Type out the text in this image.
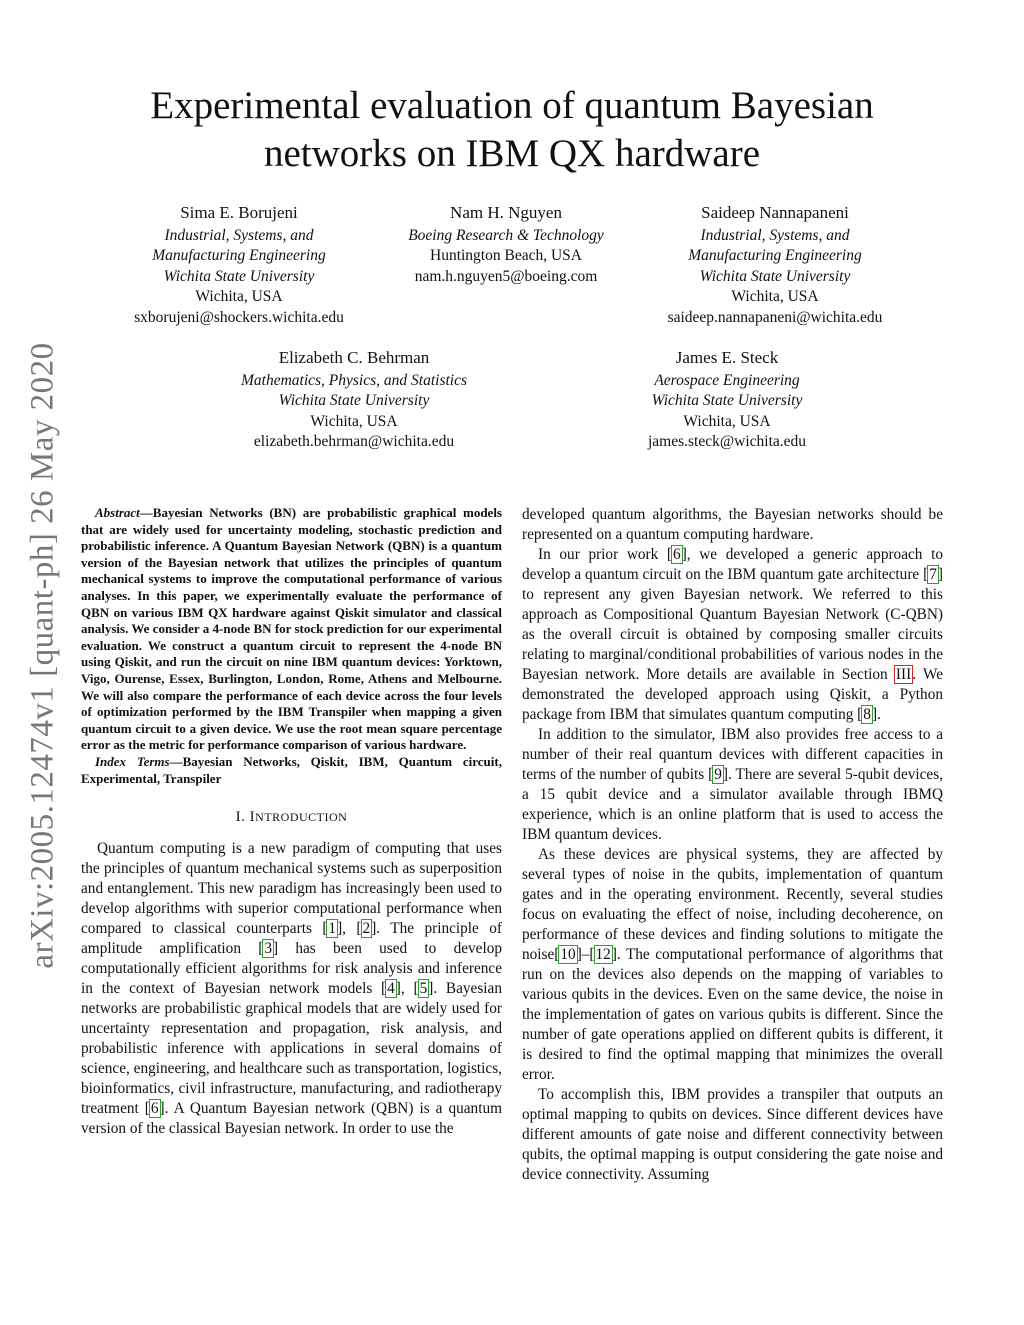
arXiv:2005.12474v1 [quant-ph] 26 May 2020
Experimental evaluation of quantum Bayesian
networks on IBM QX hardware
Sima E. Borujeni
Industrial, Systems, and
Manufacturing Engineering
Wichita State University
Wichita, USA
sxborujeni@shockers.wichita.edu
Nam H. Nguyen
Boeing Research & Technology
Huntington Beach, USA
nam.h.nguyen5@boeing.com
Saideep Nannapaneni
Industrial, Systems, and
Manufacturing Engineering
Wichita State University
Wichita, USA
saideep.nannapaneni@wichita.edu
Elizabeth C. Behrman
Mathematics, Physics, and Statistics
Wichita State University
Wichita, USA
elizabeth.behrman@wichita.edu
James E. Steck
Aerospace Engineering
Wichita State University
Wichita, USA
james.steck@wichita.edu

Abstract—Bayesian Networks (BN) are probabilistic graphical models that are widely used for uncertainty modeling, stochastic prediction and probabilistic inference. A Quantum Bayesian Network (QBN) is a quantum version of the Bayesian network that utilizes the principles of quantum mechanical systems to improve the computational performance of various analyses. In this paper, we experimentally evaluate the performance of QBN on various IBM QX hardware against Qiskit simulator and classical analysis. We consider a 4-node BN for stock prediction for our experimental evaluation. We construct a quantum circuit to represent the 4-node BN using Qiskit, and run the circuit on nine IBM quantum devices: Yorktown, Vigo, Ourense, Essex, Burlington, London, Rome, Athens and Melbourne. We will also compare the performance of each device across the four levels of optimization performed by the IBM Transpiler when mapping a given quantum circuit to a given device. We use the root mean square percentage error as the metric for performance comparison of various hardware.

Index Terms—Bayesian Networks, Qiskit, IBM, Quantum circuit, Experimental, Transpiler

I. INTRODUCTION

Quantum computing is a new paradigm of computing that uses the principles of quantum mechanical systems such as superposition and entanglement. This new paradigm has increasingly been used to develop algorithms with superior computational performance when compared to classical counterparts [1], [2]. The principle of amplitude amplification [3] has been used to develop computationally efficient algorithms for risk analysis and inference in the context of Bayesian network models [4], [5]. Bayesian networks are probabilistic graphical models that are widely used for uncertainty representation and propagation, risk analysis, and probabilistic inference with applications in several domains of science, engineering, and healthcare such as transportation, logistics, bioinformatics, civil infrastructure, manufacturing, and radiotherapy treatment [6]. A Quantum Bayesian network (QBN) is a quantum version of the classical Bayesian network. In order to use the

developed quantum algorithms, the Bayesian networks should be represented on a quantum computing hardware.

In our prior work [6], we developed a generic approach to develop a quantum circuit on the IBM quantum gate architecture [7] to represent any given Bayesian network. We referred to this approach as Compositional Quantum Bayesian Network (C-QBN) as the overall circuit is obtained by composing smaller circuits relating to marginal/conditional probabilities of various nodes in the Bayesian network. More details are available in Section III. We demonstrated the developed approach using Qiskit, a Python package from IBM that simulates quantum computing [8].

In addition to the simulator, IBM also provides free access to a number of their real quantum devices with different capacities in terms of the number of qubits [9]. There are several 5-qubit devices, a 15 qubit device and a simulator available through IBMQ experience, which is an online platform that is used to access the IBM quantum devices.

As these devices are physical systems, they are affected by several types of noise in the qubits, implementation of quantum gates and in the operating environment. Recently, several studies focus on evaluating the effect of noise, including decoherence, on performance of these devices and finding solutions to mitigate the noise[10]–[12]. The computational performance of algorithms that run on the devices also depends on the mapping of variables to various qubits in the devices. Even on the same device, the noise in the implementation of gates on various qubits is different. Since the number of gate operations applied on different qubits is different, it is desired to find the optimal mapping that minimizes the overall error.

To accomplish this, IBM provides a transpiler that outputs an optimal mapping to qubits on devices. Since different devices have different amounts of gate noise and different connectivity between qubits, the optimal mapping is output considering the gate noise and device connectivity. Assuming
